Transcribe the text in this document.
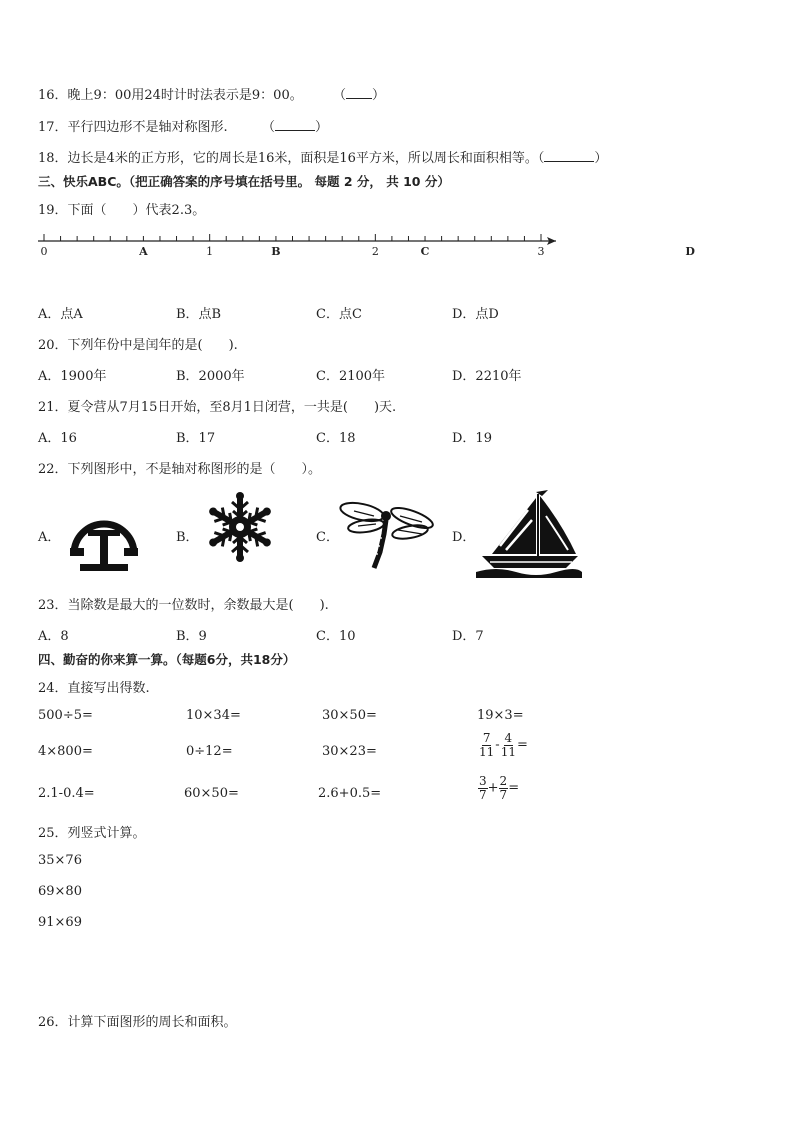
16．晚上9：00用24时计时法表示是9：00。 （ ）
17．平行四边形不是轴对称图形.	（	）
18．边长是4米的正方形，它的周长是16米，面积是16平方米，所以周长和面积相等。（	）
三、快乐ABC。（把正确答案的序号填在括号里。 每题 2 分， 共 10 分）
19．下面（　　）代表2.3。
0	1	2	3
A	B	C	D
A．点A	B．点B	C．点C	D．点D
20．下列年份中是闰年的是(　　).
A．1900年	B．2000年	C．2100年	D．2210年
21．夏令营从7月15日开始，至8月1日闭营，一共是(　　)天.
A．16	B．17	C．18	D．19
22．下列图形中，不是轴对称图形的是（　　）。
A．	B．	C．	D．
23．当除数是最大的一位数时，余数最大是(　　).
A．8	B．9	C．10	D．7
四、勤奋的你来算一算。（每题6分，共18分）
24．直接写出得数.
500÷5=	10×34=	30×50=	19×3=
4×800=	0÷12=	30×23=	$\frac{7}{11} - \frac{4}{11}$ =
2.1-0.4=	60×50=	2.6+0.5=	$\frac{3}{7} + \frac{2}{7}$ =
25．列竖式计算。
35×76
69×80
91×69
26．计算下面图形的周长和面积。
